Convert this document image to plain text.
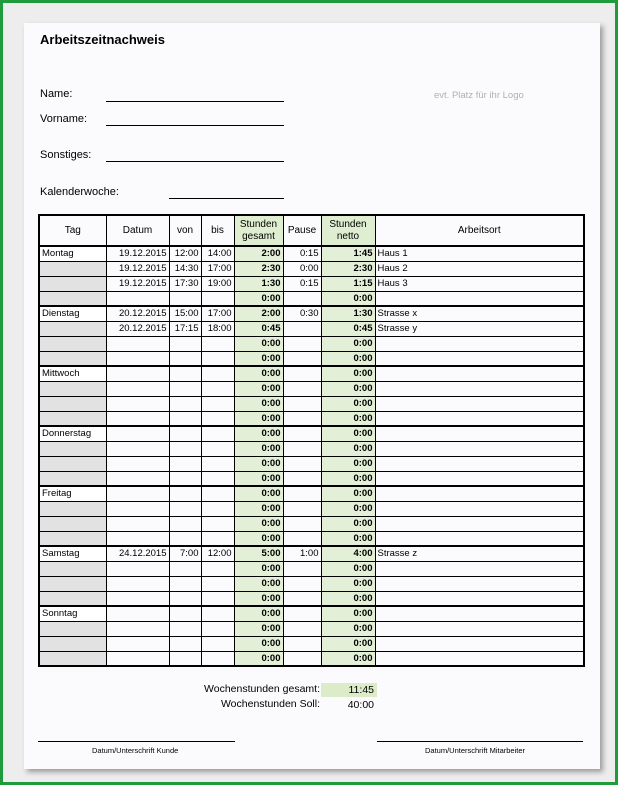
Arbeitszeitnachweis
Name:
Vorname:
Sonstiges:
Kalenderwoche:
evt. Platz für ihr Logo
Tag	Datum	von	bis	Stunden gesamt	Pause	Stunden netto	Arbeitsort
Montag	19.12.2015	12:00	14:00	2:00	0:15	1:45	Haus 1
	19.12.2015	14:30	17:00	2:30	0:00	2:30	Haus 2
	19.12.2015	17:30	19:00	1:30	0:15	1:15	Haus 3
				0:00		0:00	
Dienstag	20.12.2015	15:00	17:00	2:00	0:30	1:30	Strasse x
	20.12.2015	17:15	18:00	0:45		0:45	Strasse y
				0:00		0:00	
				0:00		0:00	
Mittwoch				0:00		0:00	
				0:00		0:00	
				0:00		0:00	
				0:00		0:00	
Donnerstag				0:00		0:00	
				0:00		0:00	
				0:00		0:00	
				0:00		0:00	
Freitag				0:00		0:00	
				0:00		0:00	
				0:00		0:00	
				0:00		0:00	
Samstag	24.12.2015	7:00	12:00	5:00	1:00	4:00	Strasse z
				0:00		0:00	
				0:00		0:00	
				0:00		0:00	
Sonntag				0:00		0:00	
				0:00		0:00	
				0:00		0:00	
				0:00		0:00	
Wochenstunden gesamt:	11:45
Wochenstunden Soll:	40:00
Datum/Unterschrift Kunde	Datum/Unterschrift Mitarbeiter
